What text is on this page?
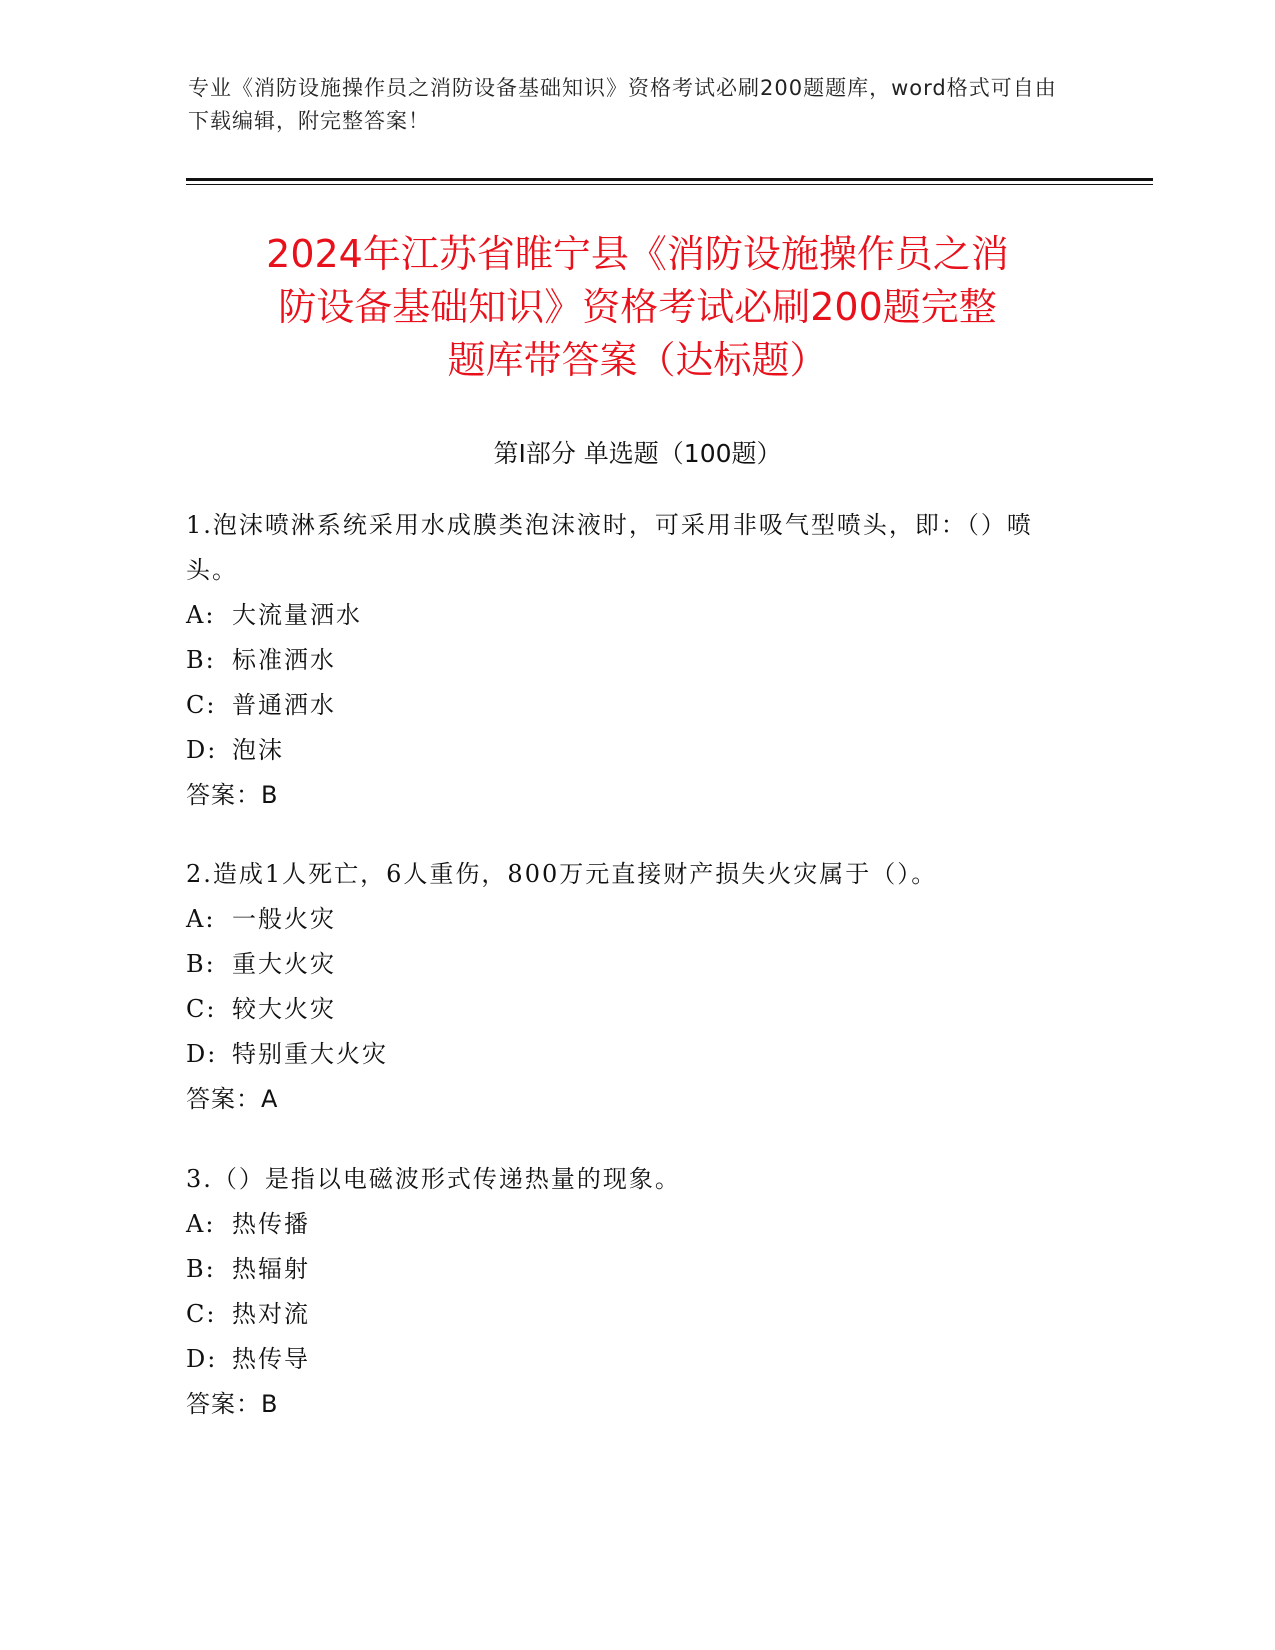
专业《消防设施操作员之消防设备基础知识》资格考试必刷200题题库，word格式可自由下载编辑，附完整答案！
2024年江苏省睢宁县《消防设施操作员之消
防设备基础知识》资格考试必刷200题完整
题库带答案（达标题）
第I部分 单选题（100题）
1.泡沫喷淋系统采用水成膜类泡沫液时，可采用非吸气型喷头，即：（）喷头。
A: 大流量洒水
B: 标准洒水
C: 普通洒水
D: 泡沫
答案：B
2.造成1人死亡，6人重伤，800万元直接财产损失火灾属于（）。
A: 一般火灾
B: 重大火灾
C: 较大火灾
D: 特别重大火灾
答案：A
3.（）是指以电磁波形式传递热量的现象。
A: 热传播
B: 热辐射
C: 热对流
D: 热传导
答案：B
